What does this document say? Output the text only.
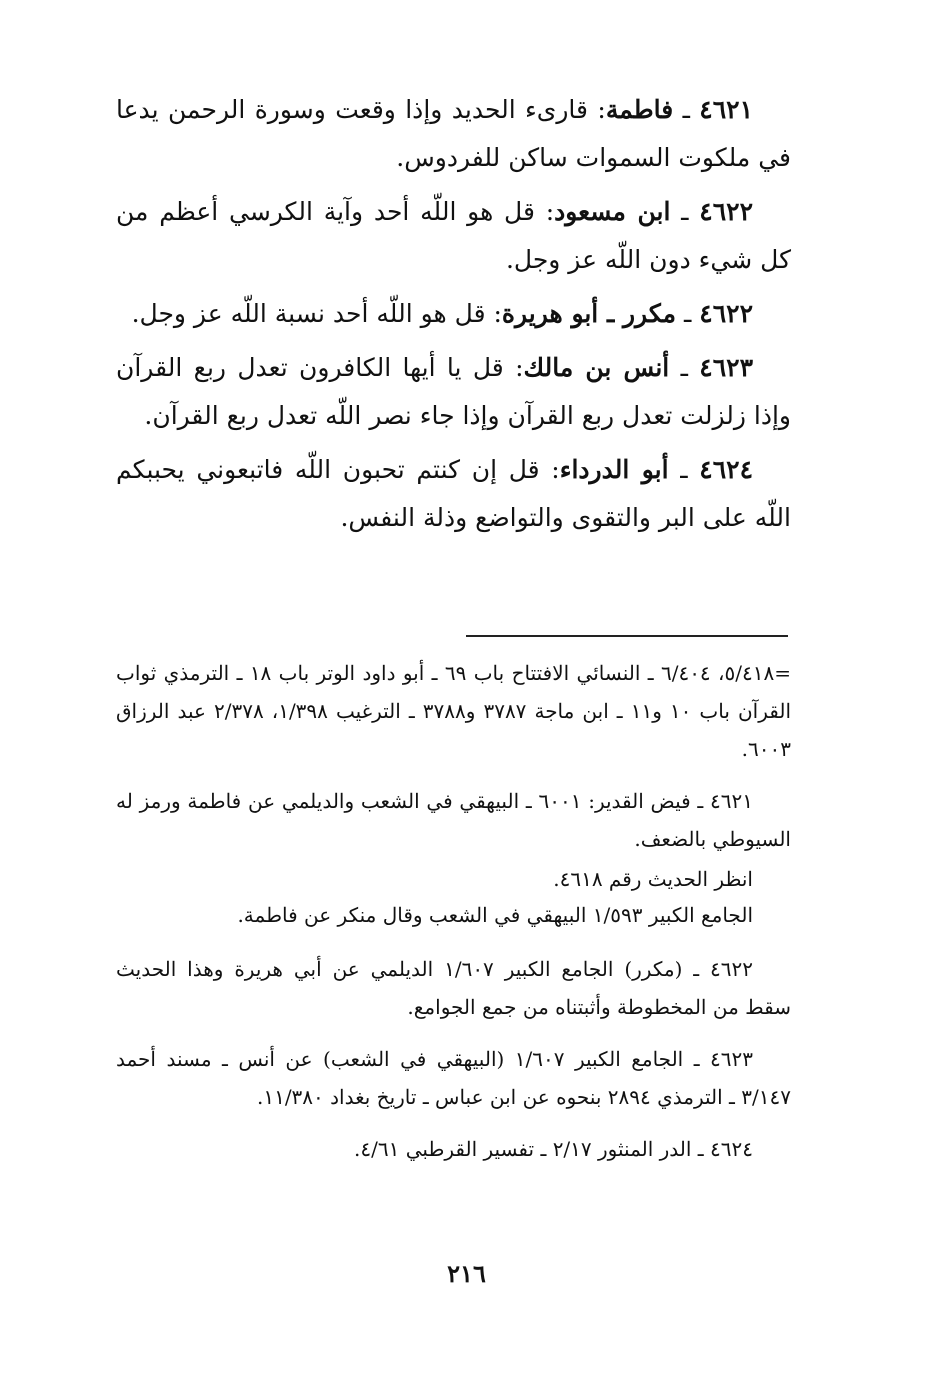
٤٦٢١ ـ فاطمة: قارىء الحديد وإذا وقعت وسورة الرحمن يدعا في ملكوت السموات ساكن للفردوس.

٤٦٢٢ ـ ابن مسعود: قل هو اللّه أحد وآية الكرسي أعظم من كل شيء دون اللّه عز وجل.

٤٦٢٢ ـ مكرر ـ أبو هريرة: قل هو اللّه أحد نسبة اللّه عز وجل.

٤٦٢٣ ـ أنس بن مالك: قل يا أيها الكافرون تعدل ربع القرآن وإذا زلزلت تعدل ربع القرآن وإذا جاء نصر اللّه تعدل ربع القرآن.

٤٦٢٤ ـ أبو الدرداء: قل إن كنتم تحبون اللّه فاتبعوني يحببكم اللّه على البر والتقوى والتواضع وذلة النفس.

=٥/٤١٨، ٦/٤٠٤ ـ النسائي الافتتاح باب ٦٩ ـ أبو داود الوتر باب ١٨ ـ الترمذي ثواب القرآن باب ١٠ و١١ ـ ابن ماجة ٣٧٨٧ و٣٧٨٨ ـ الترغيب ١/٣٩٨، ٢/٣٧٨ عبد الرزاق ٦٠٠٣.

٤٦٢١ ـ فيض القدير: ٦٠٠١ ـ البيهقي في الشعب والديلمي عن فاطمة ورمز له السيوطي بالضعف.

انظر الحديث رقم ٤٦١٨.

الجامع الكبير ١/٥٩٣ البيهقي في الشعب وقال منكر عن فاطمة.

٤٦٢٢ ـ (مكرر) الجامع الكبير ١/٦٠٧ الديلمي عن أبي هريرة وهذا الحديث سقط من المخطوطة وأثبتناه من جمع الجوامع.

٤٦٢٣ ـ الجامع الكبير ١/٦٠٧ (البيهقي في الشعب) عن أنس ـ مسند أحمد ٣/١٤٧ ـ الترمذي ٢٨٩٤ بنحوه عن ابن عباس ـ تاريخ بغداد ١١/٣٨٠.

٤٦٢٤ ـ الدر المنثور ٢/١٧ ـ تفسير القرطبي ٤/٦١.

٢١٦
